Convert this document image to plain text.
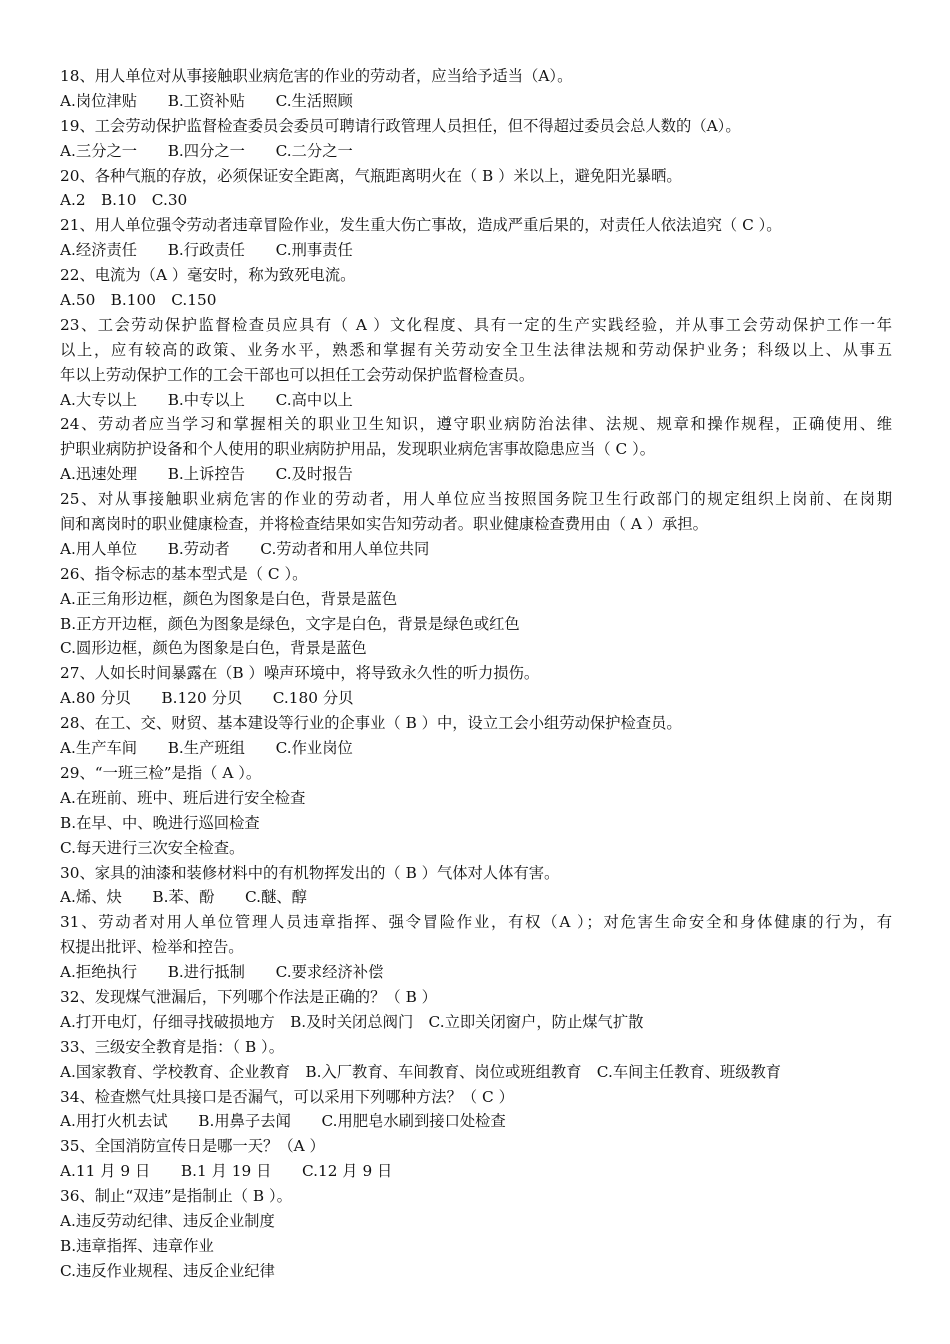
18、用人单位对从事接触职业病危害的作业的劳动者，应当给予适当（A）。
A.岗位津贴　　B.工资补贴　　C.生活照顾
19、工会劳动保护监督检查委员会委员可聘请行政管理人员担任，但不得超过委员会总人数的（A）。
A.三分之一　　B.四分之一　　C.二分之一
20、各种气瓶的存放，必须保证安全距离，气瓶距离明火在（ B ）米以上，避免阳光暴晒。
A.2　B.10　C.30
21、用人单位强令劳动者违章冒险作业，发生重大伤亡事故，造成严重后果的，对责任人依法追究（ C ）。
A.经济责任　　B.行政责任　　C.刑事责任
22、电流为（A ）毫安时，称为致死电流。
A.50　B.100　C.150
23、工会劳动保护监督检查员应具有（ A ）文化程度、具有一定的生产实践经验，并从事工会劳动保护工作一年
以上，应有较高的政策、业务水平，熟悉和掌握有关劳动安全卫生法律法规和劳动保护业务；科级以上、从事五
年以上劳动保护工作的工会干部也可以担任工会劳动保护监督检查员。
A.大专以上　　B.中专以上　　C.高中以上
24、劳动者应当学习和掌握相关的职业卫生知识，遵守职业病防治法律、法规、规章和操作规程，正确使用、维
护职业病防护设备和个人使用的职业病防护用品，发现职业病危害事故隐患应当（ C ）。
A.迅速处理　　B.上诉控告　　C.及时报告
25、对从事接触职业病危害的作业的劳动者，用人单位应当按照国务院卫生行政部门的规定组织上岗前、在岗期
间和离岗时的职业健康检查，并将检查结果如实告知劳动者。职业健康检查费用由（ A ）承担。
A.用人单位　　B.劳动者　　C.劳动者和用人单位共同
26、指令标志的基本型式是（ C ）。
A.正三角形边框，颜色为图象是白色，背景是蓝色
B.正方开边框，颜色为图象是绿色，文字是白色，背景是绿色或红色
C.圆形边框，颜色为图象是白色，背景是蓝色
27、人如长时间暴露在（B ）噪声环境中，将导致永久性的听力损伤。
A.80 分贝　　B.120 分贝　　C.180 分贝
28、在工、交、财贸、基本建设等行业的企事业（ B ）中，设立工会小组劳动保护检查员。
A.生产车间　　B.生产班组　　C.作业岗位
29、“一班三检”是指（ A ）。
A.在班前、班中、班后进行安全检查
B.在早、中、晚进行巡回检查
C.每天进行三次安全检查。
30、家具的油漆和装修材料中的有机物挥发出的（ B ）气体对人体有害。
A.烯、炔　　B.苯、酚　　C.醚、醇
31、劳动者对用人单位管理人员违章指挥、强令冒险作业，有权（A ）；对危害生命安全和身体健康的行为，有
权提出批评、检举和控告。
A.拒绝执行　　B.进行抵制　　C.要求经济补偿
32、发现煤气泄漏后，下列哪个作法是正确的？（ B ）
A.打开电灯，仔细寻找破损地方　B.及时关闭总阀门　C.立即关闭窗户，防止煤气扩散
33、三级安全教育是指：（ B ）。
A.国家教育、学校教育、企业教育　B.入厂教育、车间教育、岗位或班组教育　C.车间主任教育、班级教育
34、检查燃气灶具接口是否漏气，可以采用下列哪种方法？（ C ）
A.用打火机去试　　B.用鼻子去闻　　C.用肥皂水刷到接口处检查
35、全国消防宣传日是哪一天？（A ）
A.11 月 9 日　　B.1 月 19 日　　C.12 月 9 日
36、制止“双违”是指制止（ B ）。
A.违反劳动纪律、违反企业制度
B.违章指挥、违章作业
C.违反作业规程、违反企业纪律
